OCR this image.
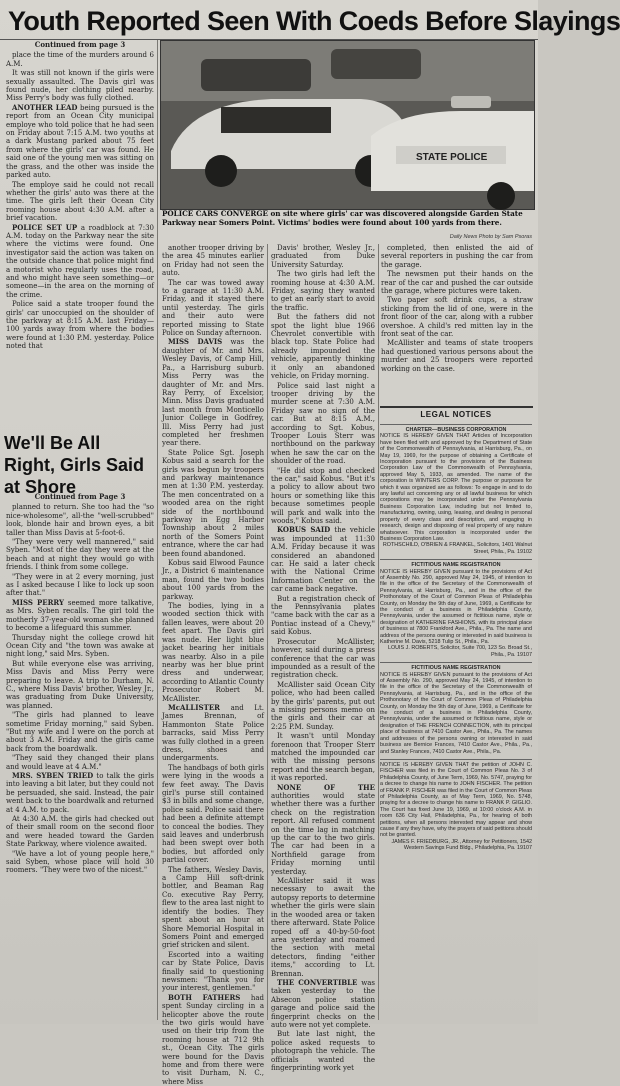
Youth Reported Seen With Coeds Before Slayings

Continued from page 3

place the time of the murders around 6 A.M.

It was still not known if the girls were sexually assaulted. The Davis girl was found nude, her clothing piled nearby. Miss Perry's body was fully clothed.

ANOTHER LEAD being pursued is the report from an Ocean City municipal employe who told police that he had seen on Friday about 7:15 A.M. two youths at a dark Mustang parked about 75 feet from where the girls' car was found. He said one of the young men was sitting on the grass, and the other was inside the parked auto.

The employe said he could not recall whether the girls' auto was there at the time. The girls left their Ocean City rooming house about 4:30 A.M. after a brief vacation.

POLICE SET UP a roadblock at 7:30 A.M. today on the Parkway near the site where the victims were found. One investigator said the action was taken on the outside chance that police might find a motorist who regularly uses the road, and who might have seen something—or someone—in the area on the morning of the crime.

Police said a state trooper found the girls' car unoccupied on the shoulder of the parkway at 8:15 A.M. last Friday—100 yards away from where the bodies were found at 1:30 P.M. yesterday. Police noted that

We'll Be All Right, Girls Said at Shore

Continued from Page 3

planned to return. She too had the "so nice-wholesome", all-the "well-scrubbed" look, blonde hair and brown eyes, a bit taller than Miss Davis at 5-foot-6.

"They were very well mannered," said Syben. "Most of the day they were at the beach and at night they would go with friends. I think from some college.

"They were in at 2 every morning, just as I asked because I like to lock up soon after that."

MISS PERRY seemed more talkative, as Mrs. Syben recalls. The girl told the motherly 37-year-old woman she planned to become a lifeguard this summer.

Thursday night the college crowd hit Ocean City and "the town was awake at night long," said Mrs. Syben.

But while everyone else was arriving, Miss Davis and Miss Perry were preparing to leave. A trip to Durham, N. C., where Miss Davis' brother, Wesley Jr., was graduating from Duke University, was planned.

"The girls had planned to leave sometime Friday morning," said Syben. "But my wife and I were on the porch at about 3 A.M. Friday and the girls came back from the boardwalk.

"They said they changed their plans and would leave at 4 A.M."

MRS. SYBEN TRIED to talk the girls into leaving a bit later, but they could not be persuaded, she said. Instead, the pair went back to the boardwalk and returned at 4 A.M. to pack.

At 4:30 A.M. the girls had checked out of their small room on the second floor and were headed toward the Garden State Parkway, where violence awaited.

"We have a lot of young people here," said Syben, whose place will hold 30 roomers. "They were two of the nicest."

STATE POLICE
POLICE CARS CONVERGE on site where girls' car was discovered alongside Garden State Parkway near Somers Point. Victims' bodies were found about 100 yards from there.
Daily News Photo by Sam Psoras

another trooper driving by the area 45 minutes earlier on Friday had not seen the auto.

The car was towed away to a garage at 11:30 A.M. Friday, and it stayed there until yesterday. The girls and their auto were reported missing to State Police on Sunday afternoon.

MISS DAVIS was the daughter of Mr. and Mrs. Wesley Davis, of Camp Hill, Pa., a Harrisburg suburb. Miss Perry was the daughter of Mr. and Mrs. Ray Perry, of Excelsior, Minn. Miss Davis graduated last month from Monticello Junior College in Godfrey, Ill. Miss Perry had just completed her freshmen year there.

State Police Sgt. Joseph Kobus said a search for the girls was begun by troopers and parkway maintenance men at 1:30 P.M. yesterday. The men concentrated on a wooded area on the right side of the northbound parkway in Egg Harbor Township about 2 miles north of the Somers Point entrance, where the car had been found abandoned.

Kobus said Elwood Faunce Jr., a District 6 maintenance man, found the two bodies about 100 yards from the parkway.

The bodies, lying in a wooded section thick with fallen leaves, were about 20 feet apart. The Davis girl was nude. Her light blue jacket bearing her initials was nearby. Also in a pile nearby was her blue print dress and underwear, according to Atlantic County Prosecutor Robert M. McAllister.

McALLISTER and Lt. James Brennan, of Hammonton State Police barracks, said Miss Perry was fully clothed in a green dress, shoes and undergarments.

The handbags of both girls were lying in the woods a few feet away. The Davis girl's purse still contained $3 in bills and some change, police said. Police said there had been a definite attempt to conceal the bodies. They said leaves and underbrush had been swept over both bodies, but afforded only partial cover.

The fathers, Wesley Davis, a Camp Hill soft-drink bottler, and Beaman Rag Co. executive Ray Perry, flew to the area last night to identify the bodies. They spent about an hour at Shore Memorial Hospital in Somers Point and emerged grief stricken and silent.

Escorted into a waiting car by State Police, Davis finally said to questioning newsmen: "Thank you for your interest, gentlemen."

BOTH FATHERS had spent Sunday circling in a helicopter above the route the two girls would have used on their trip from the rooming house at 712 9th st., Ocean City. The girls were bound for the Davis home and from there were to visit Durham, N. C., where Miss

Davis' brother, Wesley Jr., graduated from Duke University Saturday.

The two girls had left the rooming house at 4:30 A.M. Friday, saying they wanted to get an early start to avoid the traffic.

But the fathers did not spot the light blue 1966 Chevrolet convertible with black top. State Police had already impounded the vehicle, apparently thinking it only an abandoned vehicle, on Friday morning.

Police said last night a trooper driving by the murder scene at 7:30 A.M. Friday saw no sign of the car. But at 8:15 A.M., according to Sgt. Kobus, Trooper Louis Sterr was northbound on the parkway when he saw the car on the shoulder of the road.

"He did stop and checked the car," said Kobus. "But it's a policy to allow about two hours or something like this because sometimes people will park and walk into the woods," Kobus said.

KOBUS SAID the vehicle was impounded at 11:30 A.M. Friday because it was considered an abandoned car. He said a later check with the National Crime Information Center on the car came back negative.

But a registration check of the Pennsylvania plates "came back with the car as a Pontiac instead of a Chevy," said Kobus.

Prosecutor McAllister, however, said during a press conference that the car was impounded as a result of the registration check.

McAllister said Ocean City police, who had been called by the girls' parents, put out a missing persons memo on the girls and their car at 2:25 P.M. Sunday.

It wasn't until Monday forenoon that Trooper Sterr matched the impounded car with the missing persons report and the search began, it was reported.

NONE OF THE authorities would state whether there was a further check on the registration report. All refused comment on the time lag in matching up the car to the two girls. The car had been in a Northfield garage from Friday morning until yesterday.

McAllister said it was necessary to await the autopsy reports to determine whether the girls were slain in the wooded area or taken there afterward. State Police roped off a 40-by-50-foot area yesterday and roamed the section with metal detectors, finding "either items," according to Lt. Brennan.

THE CONVERTIBLE was taken yesterday to the Absecon police station garage and police said the fingerprint checks on the auto were not yet complete.

But late last night, the police asked requests to photograph the vehicle. The officials wanted the fingerprinting work yet

completed, then enlisted the aid of several reporters in pushing the car from the garage.

The newsmen put their hands on the rear of the car and pushed the car outside the garage, where pictures were taken.

Two paper soft drink cups, a straw sticking from the lid of one, were in the front floor of the car, along with a rubber overshoe. A child's red mitten lay in the front seat of the car.

McAllister and teams of state troopers had questioned various persons about the murder and 25 troopers were reported working on the case.

LEGAL NOTICES
CHARTER—BUSINESS CORPORATION
NOTICE IS HEREBY GIVEN THAT Articles of Incorporation have been filed with and approved by the Department of State of the Commonwealth of Pennsylvania, at Harrisburg, Pa., on May 19, 1969, for the purpose of obtaining a Certificate of Incorporation pursuant to the provisions of the Business Corporation Law of the Commonwealth of Pennsylvania, approved May 5, 1933, as amended. The name of the corporation is WINTERS CORP. The purpose or purposes for which it was organized are as follows: To engage in and to do any lawful act concerning any or all lawful business for which corporations may be incorporated under the Pennsylvania Business Corporation Law, including but not limited to, manufacturing, owning, using, leasing, and dealing in personal property of every class and description, and engaging in research, design and disposing of real property of any nature whatsoever. This corporation is incorporated under the Business Corporation Law.
ROTHSCHILD, O'BRIEN & FRANKEL, Solicitors, 1401 Walnut Street, Phila., Pa. 19102
FICTITIOUS NAME REGISTRATION
NOTICE IS HEREBY GIVEN pursuant to the provisions of Act of Assembly No. 290, approved May 24, 1945, of intention to file in the office of the Secretary of the Commonwealth of Pennsylvania, at Harrisburg, Pa., and in the office of the Prothonotary of the Court of Common Pleas of Philadelphia County, on Monday the 9th day of June, 1969, a Certificate for the conduct of a business in Philadelphia County, Pennsylvania, under the assumed or fictitious name, style or designation of KATHERINE FASHIONS, with its principal place of business at 7800 Frankford Ave., Phila., Pa. The name and address of the persons owning or interested in said business is Katherine M. Davis, 5218 Tulip St., Phila., Pa.
LOUIS J. ROBERTS, Solicitor, Suite 700, 123 So. Broad St., Phila., Pa. 19107
FICTITIOUS NAME REGISTRATION
NOTICE IS HEREBY GIVEN pursuant to the provisions of Act of Assembly No. 290, approved May 24, 1945, of intention to file in the office of the Secretary of the Commonwealth of Pennsylvania, at Harrisburg, Pa., and in the office of the Prothonotary of the Court of Common Pleas of Philadelphia County, on Monday the 9th day of June, 1969, a Certificate for the conduct of a business in Philadelphia County, Pennsylvania, under the assumed or fictitious name, style or designation of THE FRENCH CONNECTION, with its principal place of business at 7410 Castor Ave., Phila., Pa. The names and addresses of the persons owning or interested in said business are Bernice Frances, 7410 Castor Ave., Phila., Pa., and Stanley Frances, 7410 Castor Ave., Phila., Pa.
NOTICE IS HEREBY GIVEN THAT the petition of JOHN C. FISCHER was filed in the Court of Common Pleas No. 3 of Philadelphia County, of June Term, 1969, No. 5747, praying for a decree to change his name to JOHN FISCHER. The petition of FRANK P. FISCHER was filed in the Court of Common Pleas of Philadelphia County, as of May Term, 1969, No. 5748, praying for a decree to change his name to FRANK P. GIGLIO. The Court has fixed June 19, 1969, at 10:00 o'clock A.M. in room 636 City Hall, Philadelphia, Pa., for hearing of both petitions, when all persons interested may appear and show cause if any they have, why the prayers of said petitions should not be granted.
JAMES F. FRIEDBURG, JR., Attorney for Petitioners, 1542 Western Savings Fund Bldg., Philadelphia, Pa. 19107
